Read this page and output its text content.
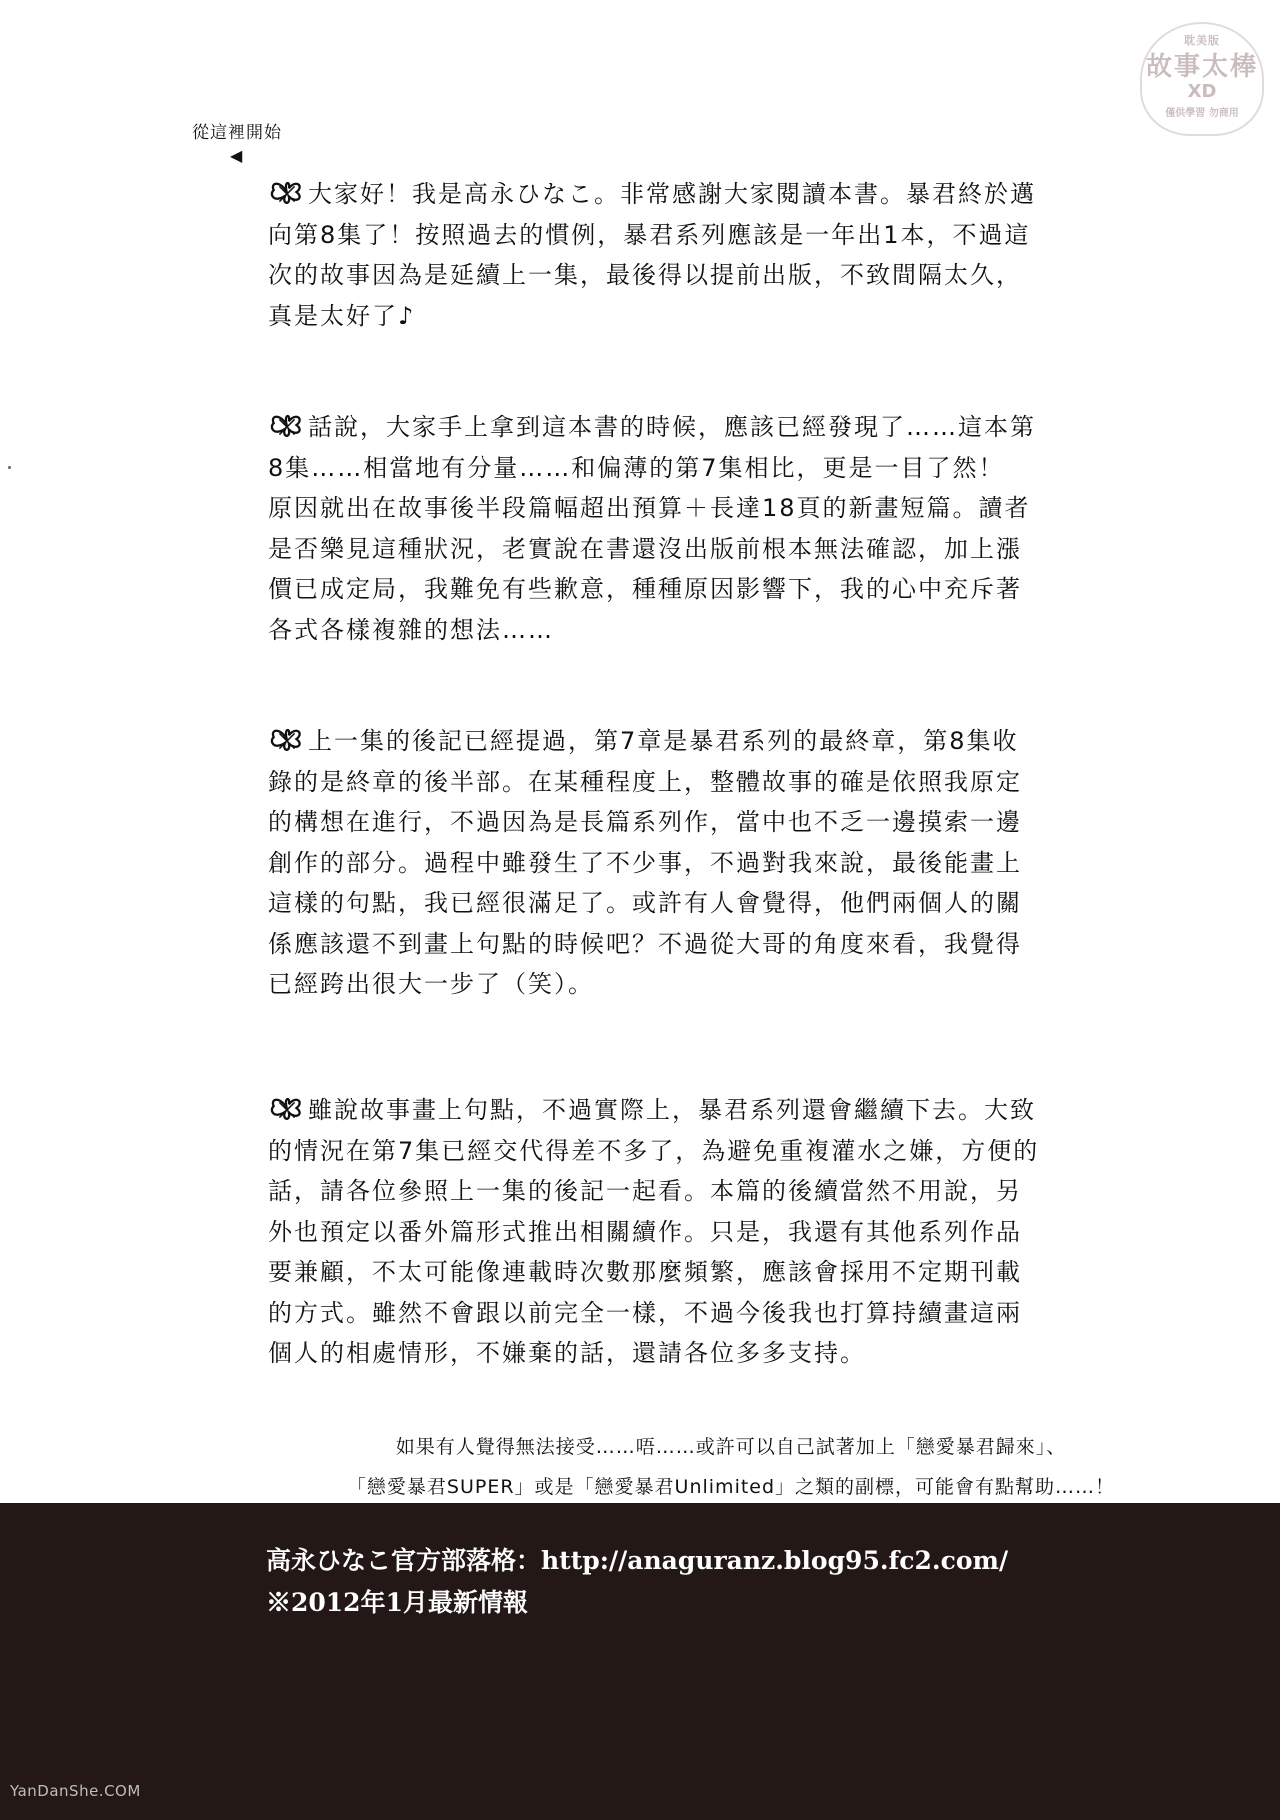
耽美版
故事太棒
XD
僅供學習 勿商用
從這裡開始
◀
大家好！我是高永ひなこ。非常感謝大家閱讀本書。暴君終於邁
向第8集了！按照過去的慣例，暴君系列應該是一年出1本，不過這
次的故事因為是延續上一集，最後得以提前出版，不致間隔太久，
真是太好了♪
話說，大家手上拿到這本書的時候，應該已經發現了……這本第
8集……相當地有分量……和偏薄的第7集相比，更是一目了然！
原因就出在故事後半段篇幅超出預算＋長達18頁的新畫短篇。讀者
是否樂見這種狀況，老實說在書還沒出版前根本無法確認，加上漲
價已成定局，我難免有些歉意，種種原因影響下，我的心中充斥著
各式各樣複雜的想法……
上一集的後記已經提過，第7章是暴君系列的最終章，第8集收
錄的是終章的後半部。在某種程度上，整體故事的確是依照我原定
的構想在進行，不過因為是長篇系列作，當中也不乏一邊摸索一邊
創作的部分。過程中雖發生了不少事，不過對我來說，最後能畫上
這樣的句點，我已經很滿足了。或許有人會覺得，他們兩個人的關
係應該還不到畫上句點的時候吧？不過從大哥的角度來看，我覺得
已經跨出很大一步了（笑）。
雖說故事畫上句點，不過實際上，暴君系列還會繼續下去。大致
的情況在第7集已經交代得差不多了，為避免重複灌水之嫌，方便的
話，請各位參照上一集的後記一起看。本篇的後續當然不用說，另
外也預定以番外篇形式推出相關續作。只是，我還有其他系列作品
要兼顧，不太可能像連載時次數那麼頻繁，應該會採用不定期刊載
的方式。雖然不會跟以前完全一樣，不過今後我也打算持續畫這兩
個人的相處情形，不嫌棄的話，還請各位多多支持。
如果有人覺得無法接受……唔……或許可以自己試著加上「戀愛暴君歸來」、
「戀愛暴君SUPER」或是「戀愛暴君Unlimited」之類的副標，可能會有點幫助……！
高永ひなこ官方部落格：http://anaguranz.blog95.fc2.com/
※2012年1月最新情報
YanDanShe.COM
